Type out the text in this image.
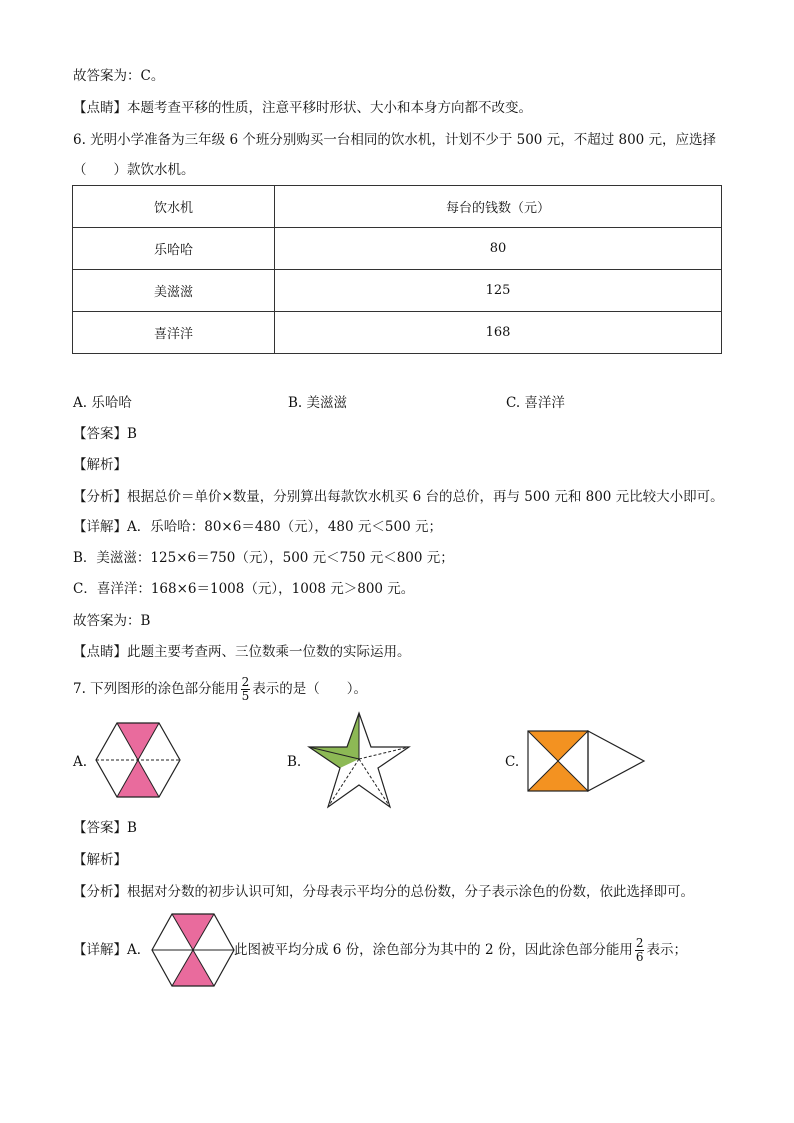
故答案为：C。
【点睛】本题考查平移的性质，注意平移时形状、大小和本身方向都不改变。
6. 光明小学准备为三年级 6 个班分别购买一台相同的饮水机，计划不少于 500 元，不超过 800 元，应选择
（　　）款饮水机。
饮水机	每台的钱数（元）
乐哈哈	80
美滋滋	125
喜洋洋	168
A. 乐哈哈	B. 美滋滋	C. 喜洋洋
【答案】B
【解析】
【分析】根据总价＝单价×数量，分别算出每款饮水机买 6 台的总价，再与 500 元和 800 元比较大小即可。
【详解】A．乐哈哈：80×6＝480（元），480 元＜500 元；
B．美滋滋：125×6＝750（元），500 元＜750 元＜800 元；
C．喜洋洋：168×6＝1008（元），1008 元＞800 元。
故答案为：B
【点睛】此题主要考查两、三位数乘一位数的实际运用。
7. 下列图形的涂色部分能用 $\frac{2}{5}$ 表示的是（　　）。
A.	B.	C.
【答案】B
【解析】
【分析】根据对分数的初步认识可知，分母表示平均分的总份数，分子表示涂色的份数，依此选择即可。
【详解】A．	此图被平均分成 6 份，涂色部分为其中的 2 份，因此涂色部分能用 $\frac{2}{6}$ 表示；
